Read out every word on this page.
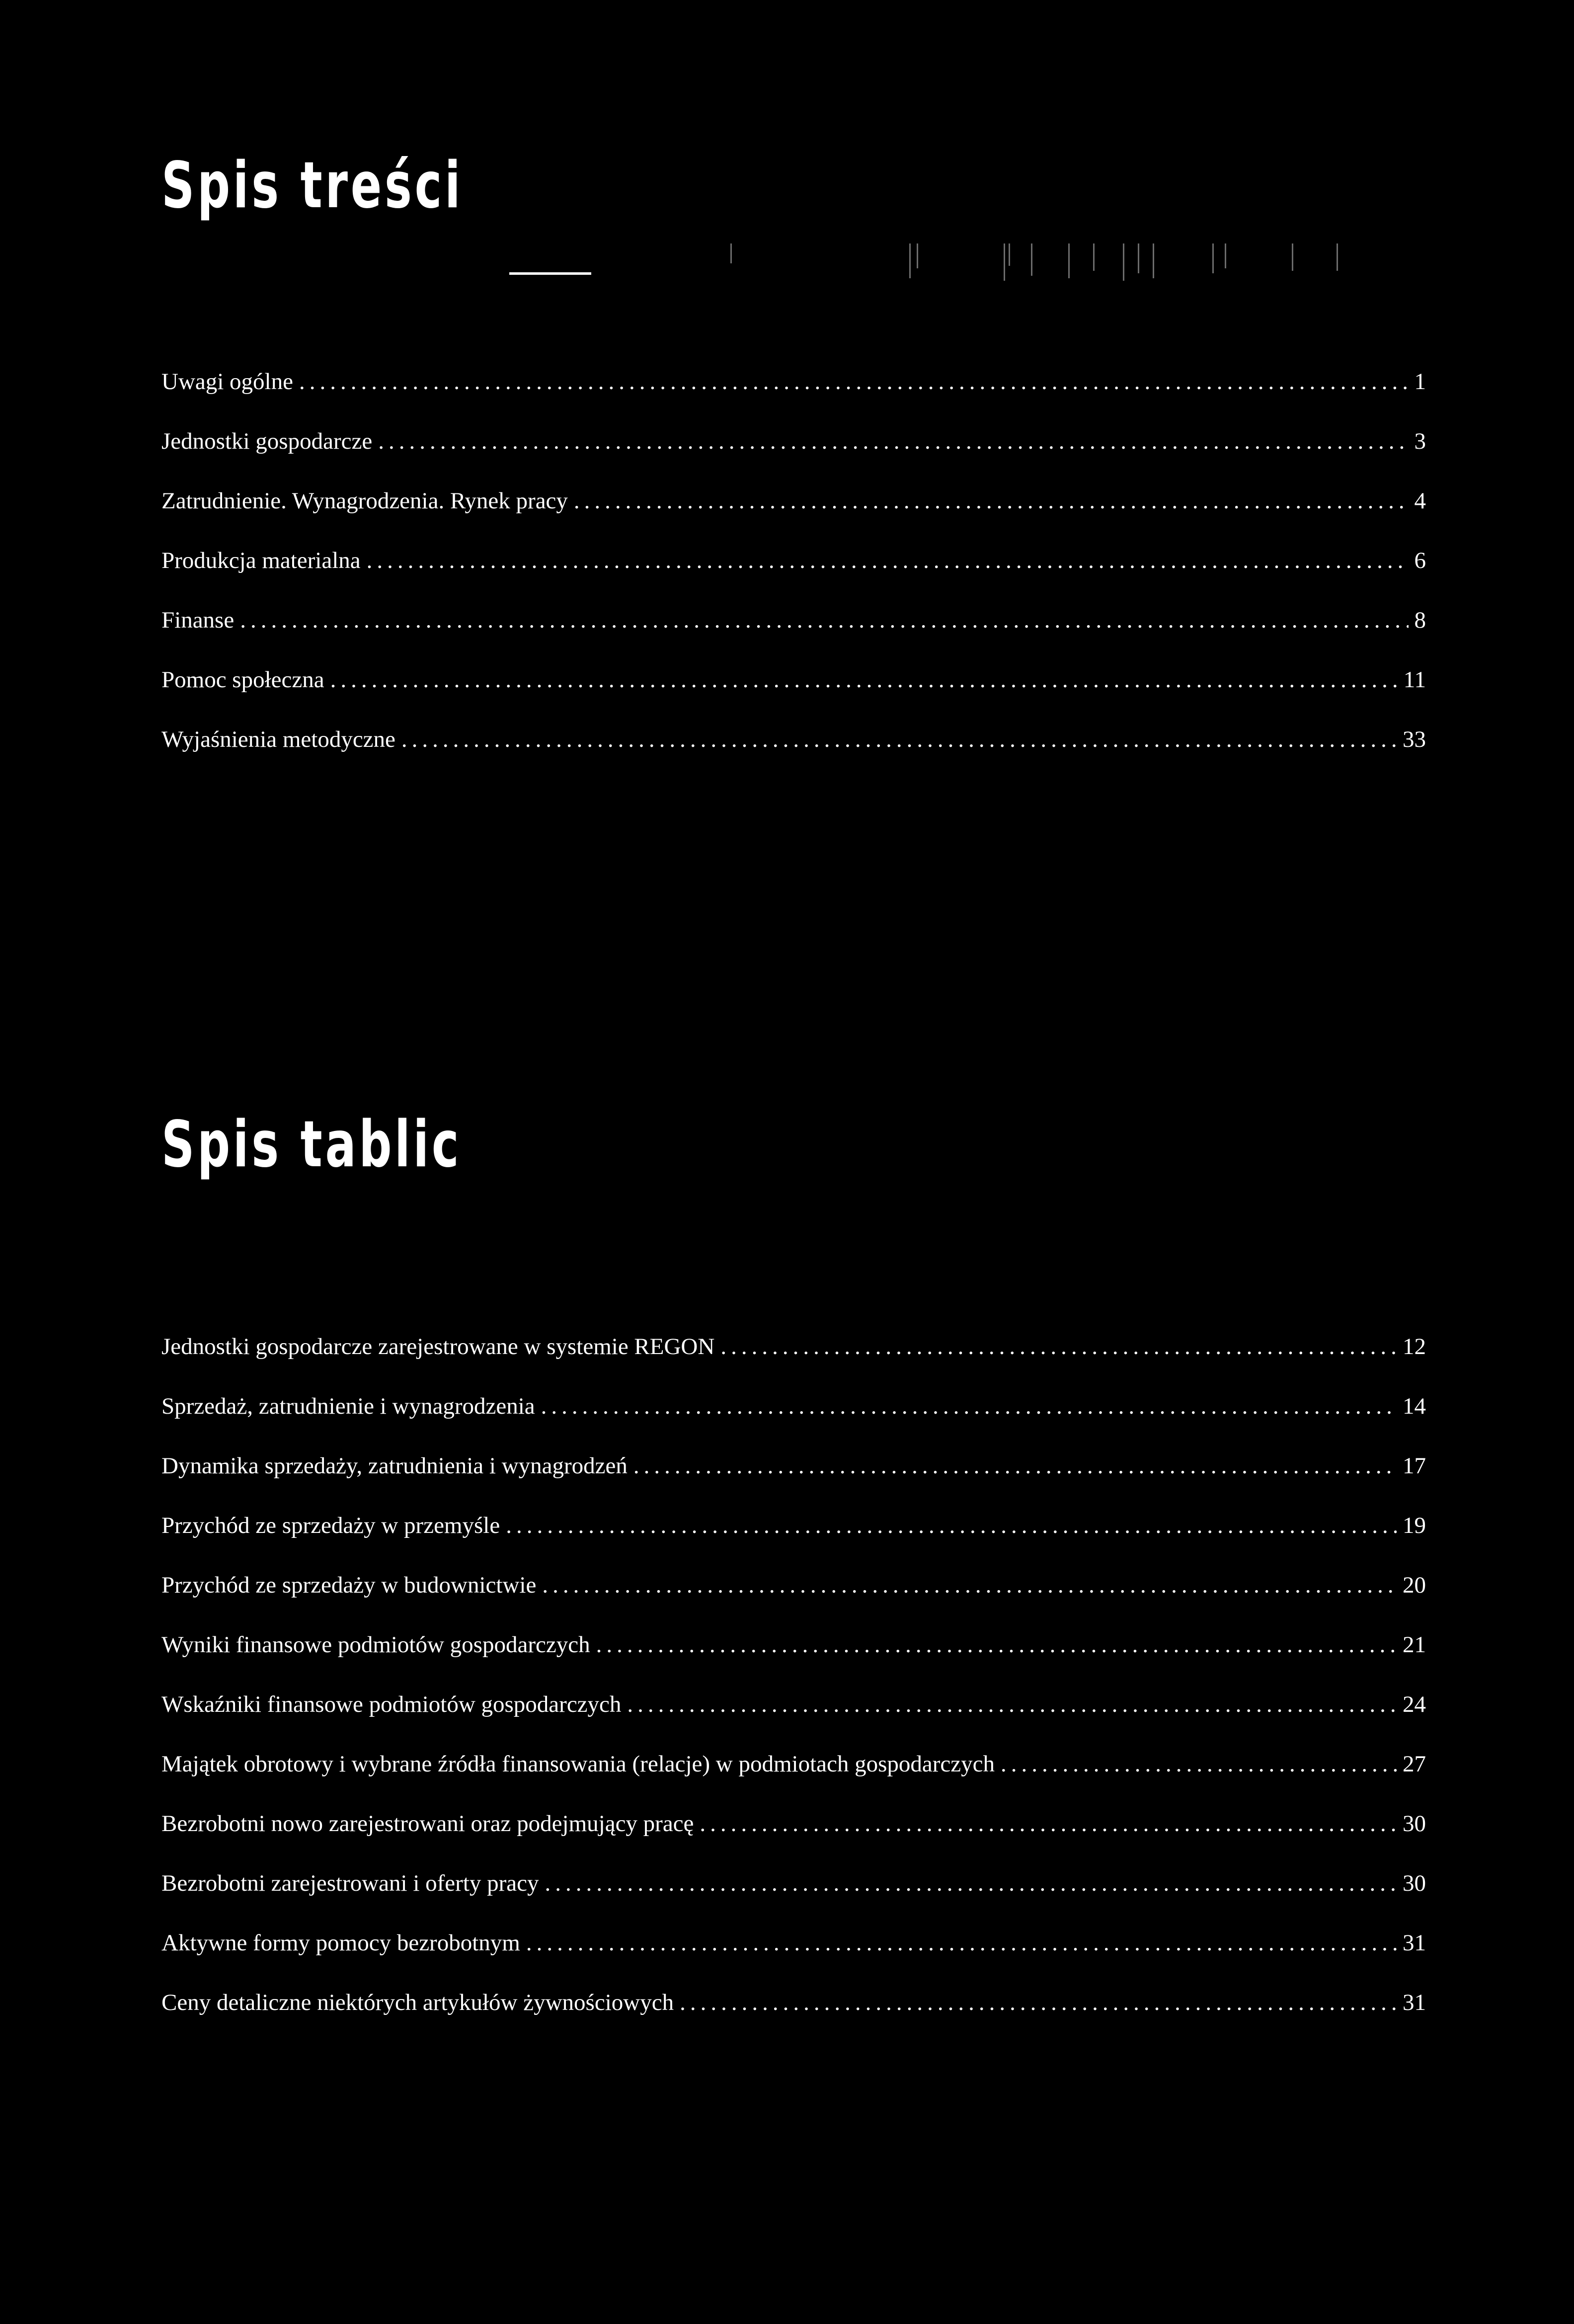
Spis treści
Uwagi ogólne .....	1
Jednostki gospodarcze .....	3
Zatrudnienie. Wynagrodzenia. Rynek pracy .....	4
Produkcja materialna .....	6
Finanse .....	8
Pomoc społeczna .....	11
Wyjaśnienia metodyczne .....	33
Spis tablic
Jednostki gospodarcze zarejestrowane w systemie REGON .....	12
Sprzedaż, zatrudnienie i wynagrodzenia .....	14
Dynamika sprzedaży, zatrudnienia i wynagrodzeń .....	17
Przychód ze sprzedaży w przemyśle .....	19
Przychód ze sprzedaży w budownictwie .....	20
Wyniki finansowe podmiotów gospodarczych .....	21
Wskaźniki finansowe podmiotów gospodarczych .....	24
Majątek obrotowy i wybrane źródła finansowania (relacje) w podmiotach gospodarczych .....	27
Bezrobotni nowo zarejestrowani oraz podejmujący pracę .....	30
Bezrobotni zarejestrowani i oferty pracy .....	30
Aktywne formy pomocy bezrobotnym .....	31
Ceny detaliczne niektórych artykułów żywnościowych .....	31
